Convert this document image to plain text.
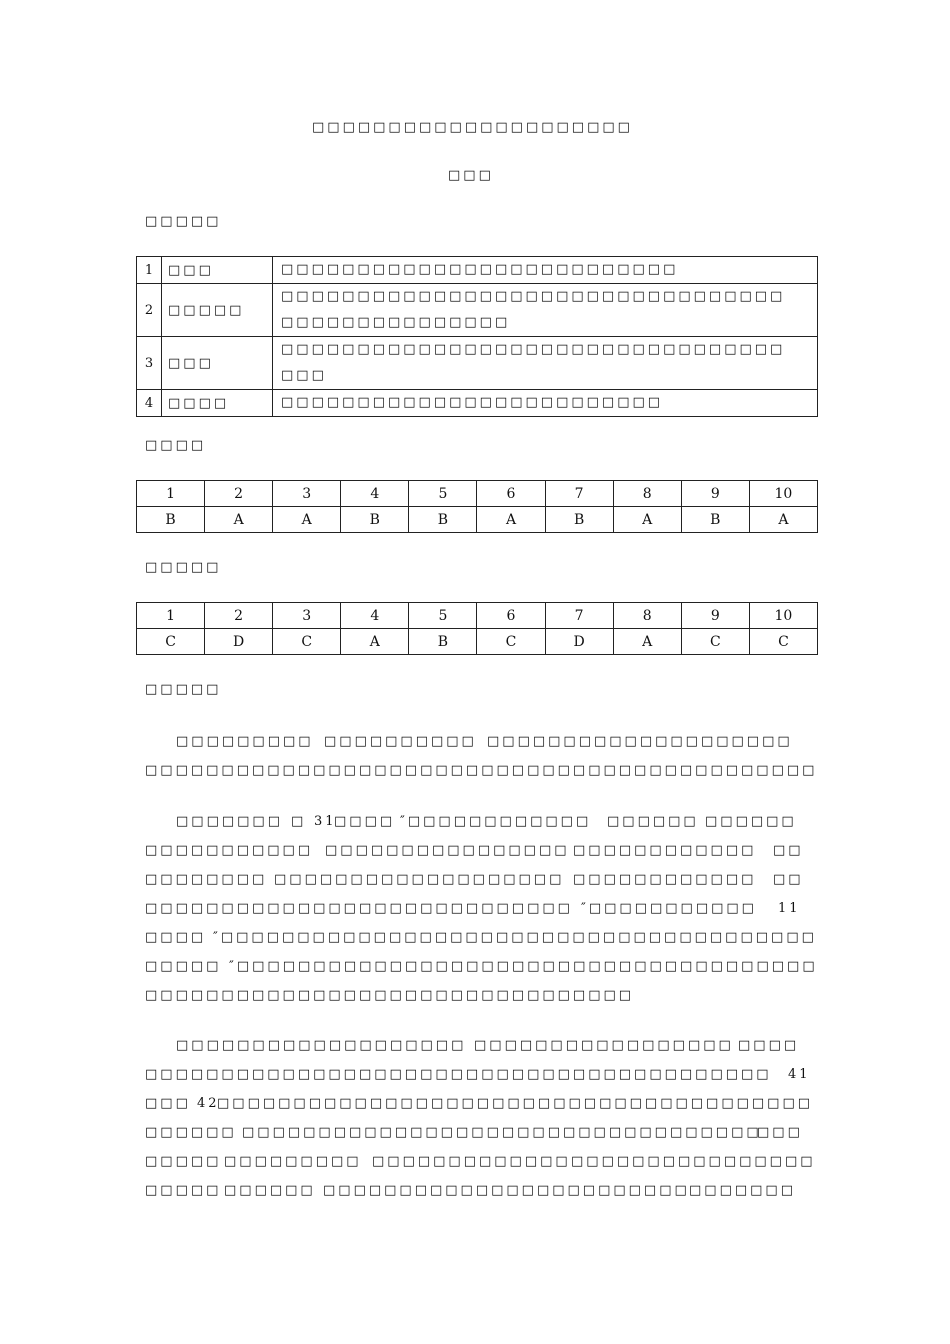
□□□□□□□□□□□□□□□□□□□□□
□□□
□□□□□
1	□□□	□□□□□□□□□□□□□□□□□□□□□□□□□□
2	□□□□□	□□□□□□□□□□□□□□□□□□□□□□□□□□□□□□□□□
□□□□□□□□□□□□□□□

3	□□□	□□□□□□□□□□□□□□□□□□□□□□□□□□□□□□□□□
□□□

4	□□□□	□□□□□□□□□□□□□□□□□□□□□□□□□
□□□□
1	2	3	4	5	6	7	8	9	10
B	A	A	B	B	A	B	A	B	A
□□□□□
1	2	3	4	5	6	7	8	9	10
C	D	C	A	B	C	D	A	C	C
□□□□□
□□□□□□□□□ □□□□□□□□□□ □□□□□□□□□□□□□□□□□□□□
□□□□□□□□□□□□□□□□□□□□□□□□□□□□□□□□□□□□□□□□□□□□
□□□□□□□ □ 31
□□□□ ″□□□□□□□□□□□□ □□□□□□ □□□□□□
□□□□□□□□□□□ □□□□□□□□□□□□□□□□ □□□□□□□□□□□□ □□
□□□□□□□□ □□□□□□□□□□□□□□□□□□□ □□□□□□□□□□□□ □□
□□□□□□□□□□□□□□□□□□□□□□□□□□□□ ″□□□□□□□□□□□ 11
□□□□ ″□□□□□□□□□□□□□□□□□□□□□□□□□□□□□□□□□□□□□□□
□□□□□ ″□□□□□□□□□□□□□□□□□□□□□□□□□□□□□□□□□□□□□□
□□□□□□□□□□□□□□□□□□□□□□□□□□□□□□□□
□□□□□□□□□□□□□□□□□□□ □□□□□□□□□□□□□□□□□ □□□□
□□□□□□□□□□□□□□□□□□□□□□□□□□□□□□□□□□□□□□□□□ 41
□□□ 42
□□□□□□□□□□□□□□□□□□□□□□□□□□□□□□□□□□□□□□□
□□□□□□ □□□□□□□□□□□□□□ □□□□□□□□□□□□□□□□□□□□
□□□
□□□□□ □□□□□□□□□ □□□□□□□□□□□□□ □□□□□□□□□□□□□□□□
□□□□□ □□□□□□ □□□□□□□□□□□□□□□□□□□□□□□□ □□□□□□□
